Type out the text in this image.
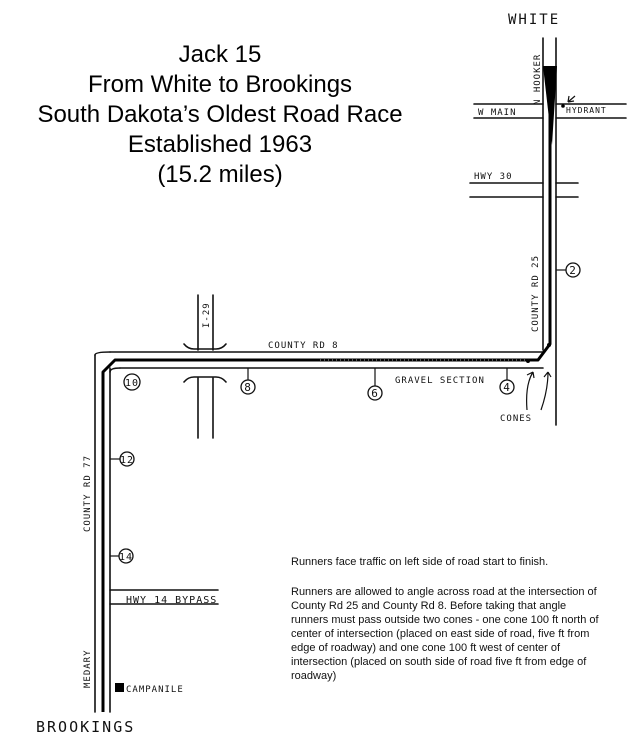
Jack 15
From White to Brookings
South Dakota’s Oldest Road Race
Established 1963
(15.2 miles)
WHITE
BROOKINGS
2
4
6
8
10
12
14
N HOOKER
W MAIN	HYDRANT
HWY 30
COUNTY RD 25
COUNTY RD 8
GRAVEL SECTION
I-29
CONES
COUNTY RD 77
HWY 14 BYPASS
MEDARY
CAMPANILE
Runners face traffic on left side of road start to finish.
Runners are allowed to angle across road at the intersection of County Rd 25 and County Rd 8. Before taking that angle runners must pass outside two cones - one cone 100 ft north of center of intersection (placed on east side of road, five ft from edge of roadway) and one cone 100 ft west of center of intersection (placed on south side of road five ft from edge of roadway)
